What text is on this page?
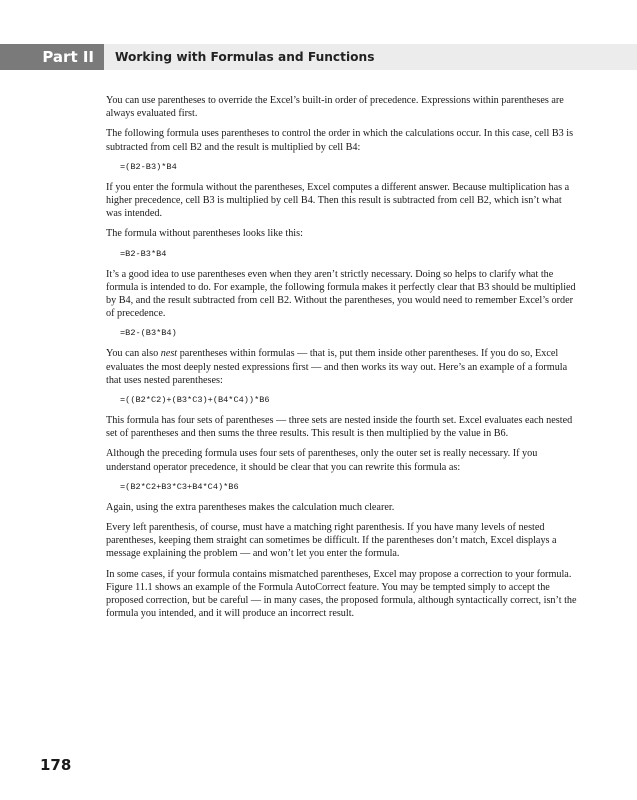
Part II	Working with Formulas and Functions

You can use parentheses to override the Excel’s built-in order of precedence. Expressions within parentheses are always evaluated first.

The following formula uses parentheses to control the order in which the calculations occur. In this case, cell B3 is subtracted from cell B2 and the result is multiplied by cell B4:

=(B2-B3)*B4

If you enter the formula without the parentheses, Excel computes a different answer. Because multiplication has a higher precedence, cell B3 is multiplied by cell B4. Then this result is subtracted from cell B2, which isn’t what was intended.

The formula without parentheses looks like this:

=B2-B3*B4

It’s a good idea to use parentheses even when they aren’t strictly necessary. Doing so helps to clarify what the formula is intended to do. For example, the following formula makes it perfectly clear that B3 should be multiplied by B4, and the result subtracted from cell B2. Without the parentheses, you would need to remember Excel’s order of precedence.

=B2-(B3*B4)

You can also nest parentheses within formulas — that is, put them inside other parentheses. If you do so, Excel evaluates the most deeply nested expressions first — and then works its way out. Here’s an example of a formula that uses nested parentheses:

=((B2*C2)+(B3*C3)+(B4*C4))*B6

This formula has four sets of parentheses — three sets are nested inside the fourth set. Excel evaluates each nested set of parentheses and then sums the three results. This result is then multiplied by the value in B6.

Although the preceding formula uses four sets of parentheses, only the outer set is really necessary. If you understand operator precedence, it should be clear that you can rewrite this formula as:

=(B2*C2+B3*C3+B4*C4)*B6

Again, using the extra parentheses makes the calculation much clearer.

Every left parenthesis, of course, must have a matching right parenthesis. If you have many levels of nested parentheses, keeping them straight can sometimes be difficult. If the parentheses don’t match, Excel displays a message explaining the problem — and won’t let you enter the formula.

In some cases, if your formula contains mismatched parentheses, Excel may propose a correction to your formula. Figure 11.1 shows an example of the Formula AutoCorrect feature. You may be tempted simply to accept the proposed correction, but be careful — in many cases, the proposed formula, although syntactically correct, isn’t the formula you intended, and it will produce an incorrect result.

178
